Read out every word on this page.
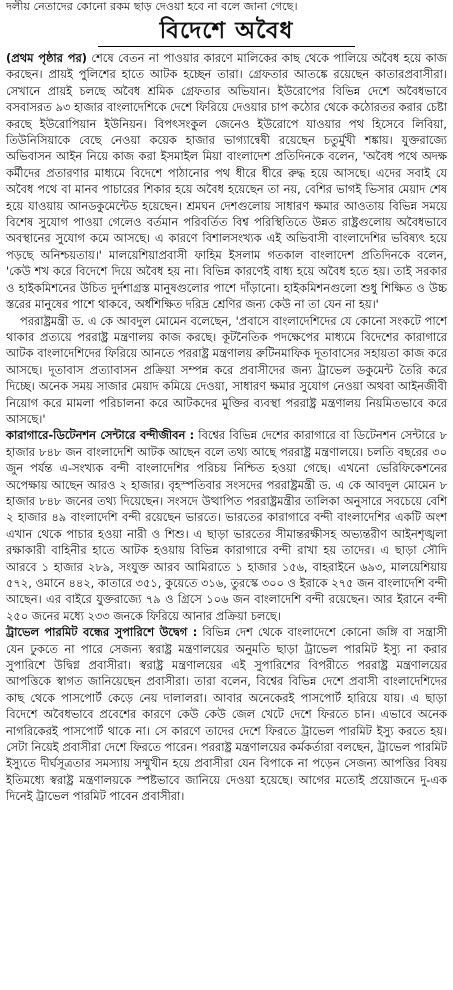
দলীয় নেতাদের কোনো রকম ছাড় দেওয়া হবে না বলে জানা গেছে।
বিদেশে অবৈধ

(প্রথম পৃষ্ঠার পর) শেষে বেতন না পাওয়ার কারণে মালিকের কাছ থেকে পালিয়ে অবৈধ হয়ে কাজ করছেন। প্রায়ই পুলিশের হাতে আটক হচ্ছেন তারা। গ্রেফতার আতঙ্কে রয়েছেন কাতারপ্রবাসীরা। সেখানে প্রায়ই চলছে অবৈধ শ্রমিক গ্রেফতার অভিযান। ইউরোপের বিভিন্ন দেশে অবৈধভাবে বসবাসরত ৯৩ হাজার বাংলাদেশিকে দেশে ফিরিয়ে দেওয়ার চাপ কঠোর থেকে কঠোরতর করার চেষ্টা করছে ইউরোপিয়ান ইউনিয়ন। বিপৎসংকুল জেনেও ইউরোপে যাওয়ার পথ হিসেবে লিবিয়া, তিউনিসিয়াকে বেছে নেওয়া কয়েক হাজার ভাগ্যান্বেষী রয়েছেন চতুর্মুখী শঙ্কায়। যুক্তরাজ্যে অভিবাসন আইন নিয়ে কাজ করা ইসমাইল মিয়া বাংলাদেশ প্রতিদিনকে বলেন, 'অবৈধ পথে অদক্ষ কর্মীদের প্রতারণার মাধ্যমে বিদেশে পাঠানোর পথ ধীরে ধীরে রুদ্ধ হয়ে আসছে। এদের সবাই যে অবৈধ পথে বা মানব পাচারের শিকার হয়ে অবৈধ হয়েছেন তা নয়, বেশির ভাগই ভিসার মেয়াদ শেষ হয়ে যাওয়ায় আনডকুমেন্টেড হয়েছেন। শ্রমঘন দেশগুলোয় সাধারণ ক্ষমার আওতায় বিভিন্ন সময়ে বিশেষ সুযোগ পাওয়া গেলেও বর্তমান পরিবর্তিত বিশ্ব পরিস্থিতিতে উন্নত রাষ্ট্রগুলোয় অবৈধভাবে অবস্থানের সুযোগ কমে আসছে। এ কারণে বিশালসংখ্যক এই অভিবাসী বাংলাদেশির ভবিষ্যৎ হয়ে পড়ছে অনিশ্চয়তায়।' মালয়েশিয়াপ্রবাসী ফাহিম ইসলাম গতকাল বাংলাদেশ প্রতিদিনকে বলেন, 'কেউ শখ করে বিদেশে দিয়ে অবৈধ হয় না। বিভিন্ন কারণেই বাধ্য হয়ে অবৈধ হতে হয়। তাই সরকার ও হাইকমিশনের উচিত দুর্দশাগ্রস্ত মানুষগুলোর পাশে দাঁড়ানো। হাইকমিশনগুলো শুধু শিক্ষিত ও উচ্চ স্তরের মানুষের পাশে থাকবে, অর্ধশিক্ষিত দরিদ্র শ্রেণির জন্য কেউ না তা যেন না হয়।'

পররাষ্ট্রমন্ত্রী ড. এ কে আবদুল মোমেন বলেছেন, 'প্রবাসে বাংলাদেশিদের যে কোনো সংকটে পাশে থাকার প্রত্যয়ে পররাষ্ট্র মন্ত্রণালয় কাজ করছে। কূটনৈতিক পদক্ষেপের মাধ্যমে বিদেশের কারাগারে আটক বাংলাদেশিদের ফিরিয়ে আনতে পররাষ্ট্র মন্ত্রণালয় রুটিনমাফিক দূতাবাসের সহায়তা কাজ করে আসছে। দূতাবাস প্রত্যাবাসন প্রক্রিয়া সম্পন্ন করে প্রবাসীদের জন্য ট্রাভেল ডকুমেন্ট তৈরি করে দিচ্ছে। অনেক সময় সাজার মেয়াদ কমিয়ে দেওয়া, সাধারণ ক্ষমার সুযোগ নেওয়া অথবা আইনজীবী নিয়োগ করে মামলা পরিচালনা করে আটকদের মুক্তির ব্যবস্থা পররাষ্ট্র মন্ত্রণালয় নিয়মিতভাবে করে আসছে।'

কারাগারে-ডিটেনশন সেন্টারে বন্দীজীবন : বিশ্বের বিভিন্ন দেশের কারাগারে বা ডিটেনশন সেন্টারে ৮ হাজার ৮৪৮ জন বাংলাদেশি আটক আছেন বলে তথ্য আছে পররাষ্ট্র মন্ত্রণালয়ে। চলতি বছরের ৩০ জুন পর্যন্ত এ-সংখ্যক বন্দী বাংলাদেশির পরিচয় নিশ্চিত হওয়া গেছে। এখনো ভেরিফিকেশনের অপেক্ষায় আছেন আরও ২ হাজার। বৃহস্পতিবার সংসদের পররাষ্ট্রমন্ত্রী ড. এ কে আবদুল মোমেন ৮ হাজার ৮৪৮ জনের তথ্য দিয়েছেন। সংসদে উত্থাপিত পররাষ্ট্রমন্ত্রীর তালিকা অনুসারে সবচেয়ে বেশি ২ হাজার ৪৯ বাংলাদেশি বন্দী রয়েছেন ভারতে। ভারতের কারাগারে বন্দী বাংলাদেশির একটি অংশ এখান থেকে পাচার হওয়া নারী ও শিশু। এ ছাড়া ভারতের সীমান্তরক্ষীসহ অভ্যন্তরীণ আইনশৃঙ্খলা রক্ষাকারী বাহিনীর হাতে আটক হওয়ায় বিভিন্ন কারাগারে বন্দী রাখা হয় তাদের। এ ছাড়া সৌদি আরবে ১ হাজার ২৮৯, সংযুক্ত আরব আমিরাতে ১ হাজার ১৫৬, বাহরাইনে ৬৯৩, মালয়েশিয়ায় ৫৭২, ওমানে ৪৪২, কাতারে ৩৫১, কুয়েতে ৩১৬, তুরস্কে ৩০০ ও ইরাকে ২৭৫ জন বাংলাদেশি বন্দী আছেন। এর বাইরে যুক্তরাজ্যে ৭৯ ও গ্রিসে ১০৬ জন বাংলাদেশি বন্দী রয়েছেন। আর ইরানে বন্দী ২৫০ জনের মধ্যে ২৩৩ জনকে ফিরিয়ে আনার প্রক্রিয়া চলছে।

ট্রাভেল পারমিট বন্ধের সুপারিশে উদ্বেগ : বিভিন্ন দেশ থেকে বাংলাদেশে কোনো জঙ্গি বা সন্ত্রাসী যেন ঢুকতে না পারে সেজন্য স্বরাষ্ট্র মন্ত্রণালয়ের অনুমতি ছাড়া ট্রাভেল পারমিট ইস্যু না করার সুপারিশে উদ্বিগ্ন প্রবাসীরা। স্বরাষ্ট্র মন্ত্রণালয়ের এই সুপারিশের বিপরীতে পররাষ্ট্র মন্ত্রণালয়ের আপত্তিকে স্বাগত জানিয়েছেন প্রবাসীরা। তারা বলেন, বিশ্বের বিভিন্ন দেশে প্রবাসী বাংলাদেশিদের কাছ থেকে পাসপোর্ট কেড়ে নেয় দালালরা। আবার অনেকেরই পাসপোর্ট হারিয়ে যায়। এ ছাড়া বিদেশে অবৈধভাবে প্রবেশের কারণে কেউ কেউ জেল খেটে দেশে ফিরতে চান। এভাবে অনেক নাগরিকেরই পাসপোর্ট থাকে না। সে কারণে তাদের দেশে ফিরতে ট্রাভেল পারমিট ইস্যু করতে হয়। সেটা নিয়েই প্রবাসীরা দেশে ফিরতে পারেন। পররাষ্ট্র মন্ত্রণালয়ের কর্মকর্তারা বলছেন, ট্রাভেল পারমিট ইস্যুতে দীর্ঘসূত্রতার সমস্যায় সম্মুখীন হয়ে প্রবাসীরা যেন বিপাকে না পড়েন সেজন্য আপত্তির বিষয় ইতিমধ্যে স্বরাষ্ট্র মন্ত্রণালয়কে স্পষ্টভাবে জানিয়ে দেওয়া হয়েছে। আগের মতোই প্রয়োজনে দু-এক দিনেই ট্রাভেল পারমিট পাবেন প্রবাসীরা।
